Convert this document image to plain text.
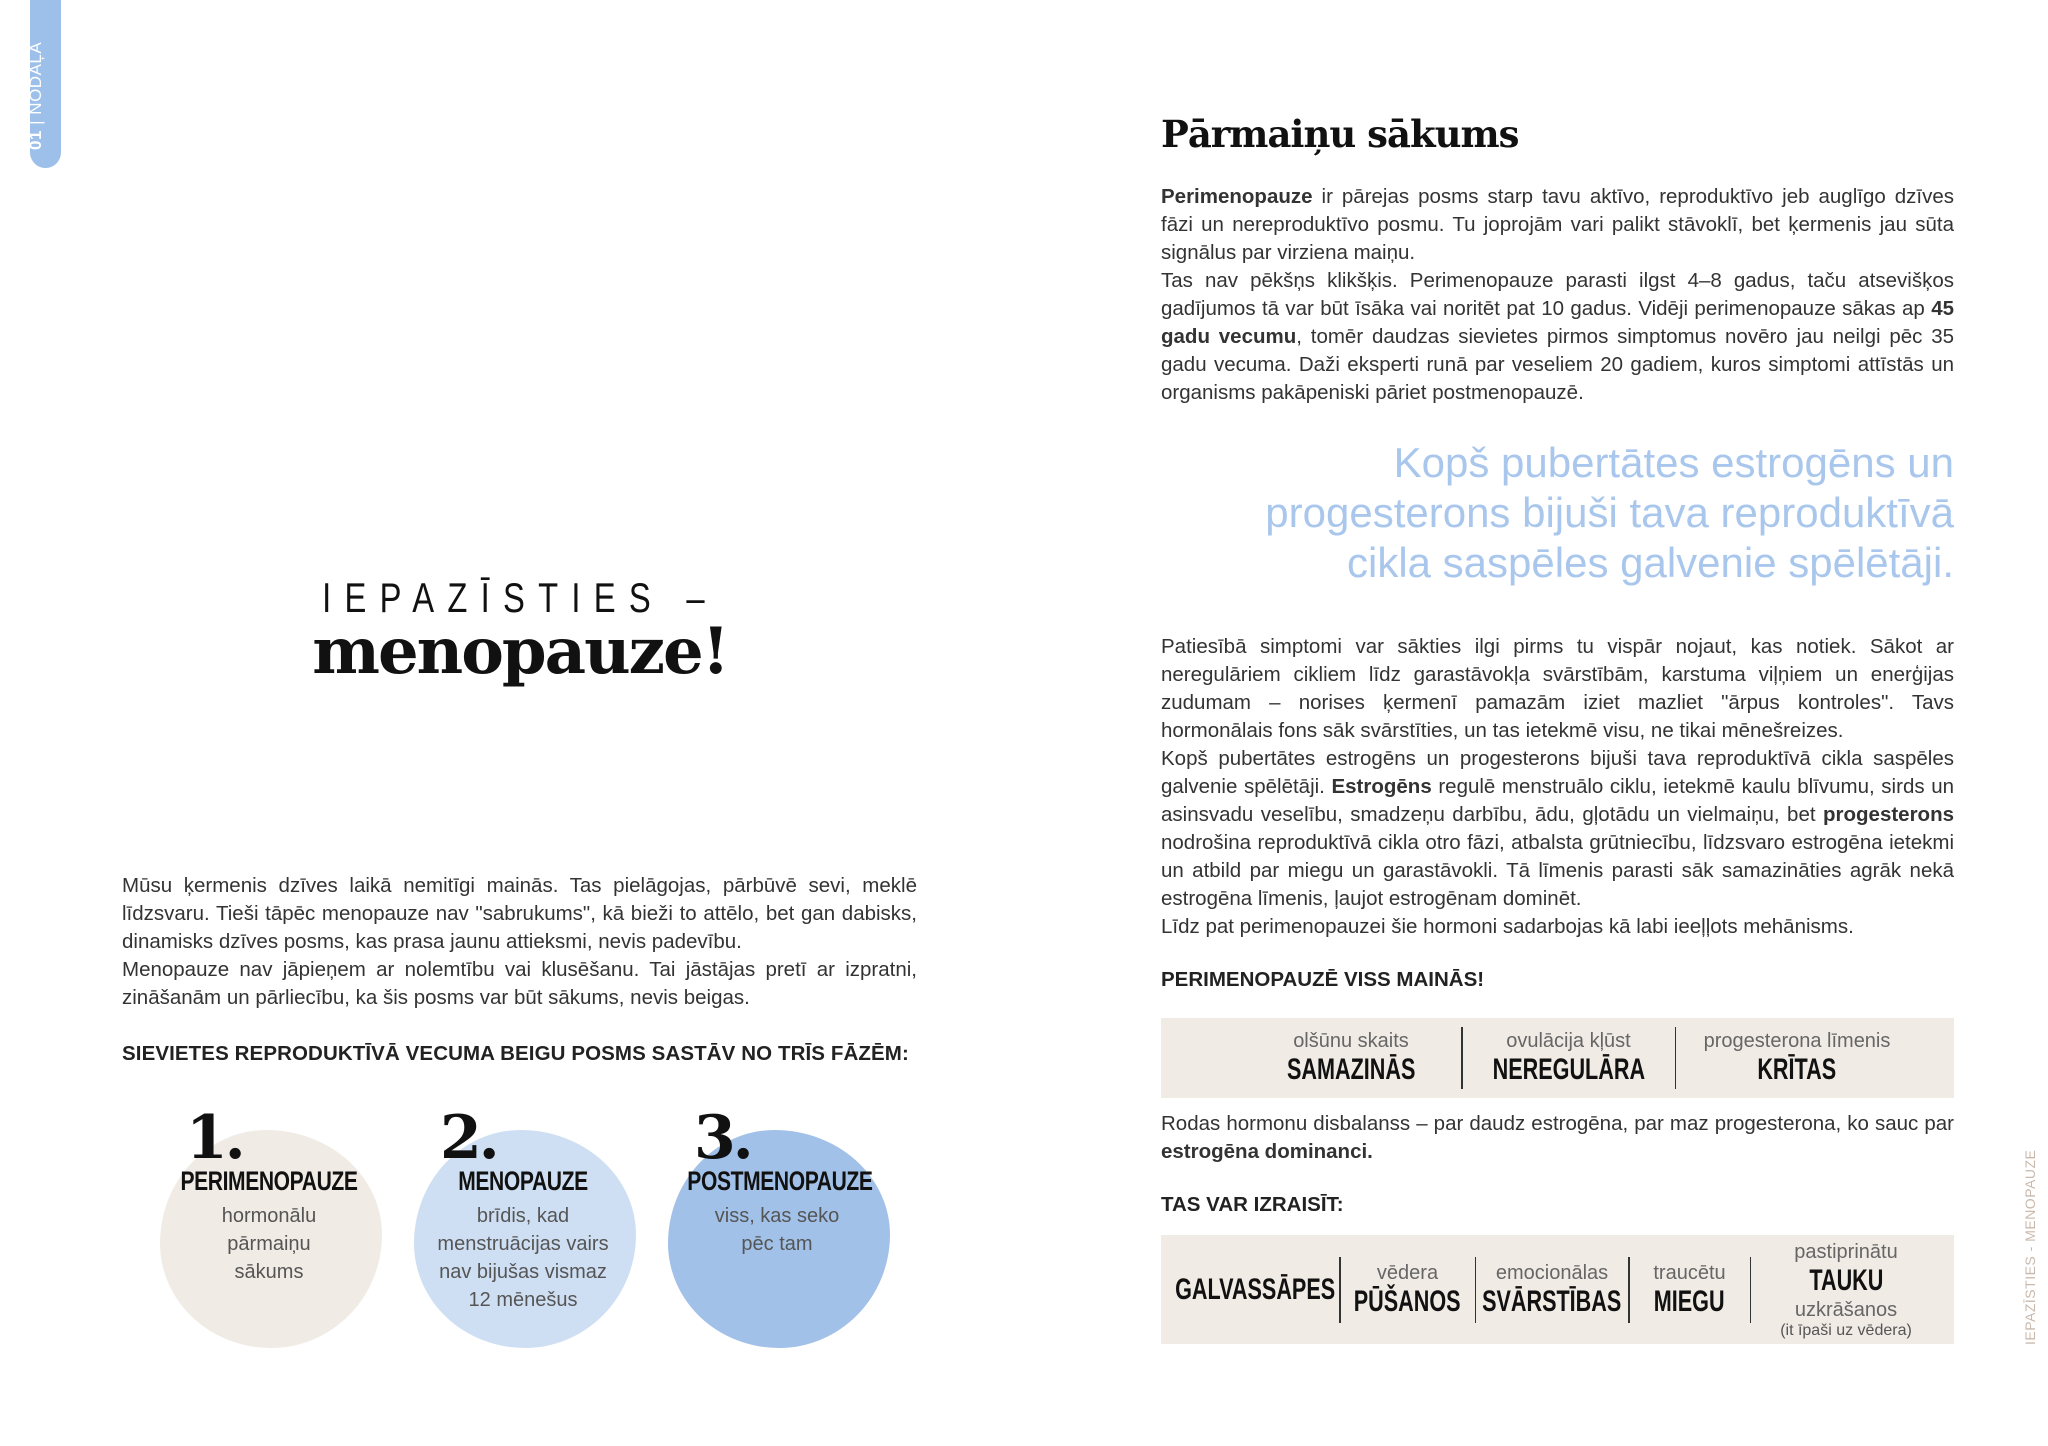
01 | NODAĻA
IEPAZĪSTIES - MENOPAUZE
IEPAZĪSTIES –
menopauze!
Mūsu ķermenis dzīves laikā nemitīgi mainās. Tas pielāgojas, pārbūvē sevi, meklē līdzsvaru. Tieši tāpēc menopauze nav "sabrukums", kā bieži to attēlo, bet gan dabisks, dinamisks dzīves posms, kas prasa jaunu attieksmi, nevis padevību.
Menopauze nav jāpieņem ar nolemtību vai klusēšanu. Tai jāstājas pretī ar izpratni, zināšanām un pārliecību, ka šis posms var būt sākums, nevis beigas.
SIEVIETES REPRODUKTĪVĀ VECUMA BEIGU POSMS SASTĀV NO TRĪS FĀZĒM:
1.
PERIMENOPAUZE
hormonālu pārmaiņu sākums
2.
MENOPAUZE
brīdis, kad menstruācijas vairs nav bijušas vismaz 12 mēnešus
3.
POSTMENOPAUZE
viss, kas seko pēc tam
Pārmaiņu sākums

Perimenopauze ir pārejas posms starp tavu aktīvo, reproduktīvo jeb auglīgo dzīves fāzi un nereproduktīvo posmu. Tu joprojām vari palikt stāvoklī, bet ķermenis jau sūta signālus par virziena maiņu.

Tas nav pēkšņs klikšķis. Perimenopauze parasti ilgst 4–8 gadus, taču atsevišķos gadījumos tā var būt īsāka vai noritēt pat 10 gadus. Vidēji perimenopauze sākas ap 45 gadu vecumu, tomēr daudzas sievietes pirmos simptomus novēro jau neilgi pēc 35 gadu vecuma. Daži eksperti runā par veseliem 20 gadiem, kuros simptomi attīstās un organisms pakāpeniski pāriet postmenopauzē.

Kopš pubertātes estrogēns un progesterons bijuši tava reproduktīvā cikla saspēles galvenie spēlētāji.

Patiesībā simptomi var sākties ilgi pirms tu vispār nojaut, kas notiek. Sākot ar neregulāriem cikliem līdz garastāvokļa svārstībām, karstuma viļņiem un enerģijas zudumam – norises ķermenī pamazām iziet mazliet "ārpus kontroles". Tavs hormonālais fons sāk svārstīties, un tas ietekmē visu, ne tikai mēnešreizes.

Kopš pubertātes estrogēns un progesterons bijuši tava reproduktīvā cikla saspēles galvenie spēlētāji. Estrogēns regulē menstruālo ciklu, ietekmē kaulu blīvumu, sirds un asinsvadu veselību, smadzeņu darbību, ādu, gļotādu un vielmaiņu, bet progesterons nodrošina reproduktīvā cikla otro fāzi, atbalsta grūtniecību, līdzsvaro estrogēna ietekmi un atbild par miegu un garastāvokli. Tā līmenis parasti sāk samazināties agrāk nekā estrogēna līmenis, ļaujot estrogēnam dominēt.

Līdz pat perimenopauzei šie hormoni sadarbojas kā labi ieeļļots mehānisms.

PERIMENOPAUZĒ VISS MAINĀS!
olšūnu skaits
SAMAZINĀS
ovulācija kļūst
NEREGULĀRA
progesterona līmenis
KRĪTAS
Rodas hormonu disbalanss – par daudz estrogēna, par maz progesterona, ko sauc par estrogēna dominanci.
TAS VAR IZRAISĪT:
GALVASSĀPES vēdera
PŪŠANOS
emocionālas
SVĀRSTĪBAS
traucētu
MIEGU
pastiprinātu
TAUKU
uzkrāšanos
(it īpaši uz vēdera)
